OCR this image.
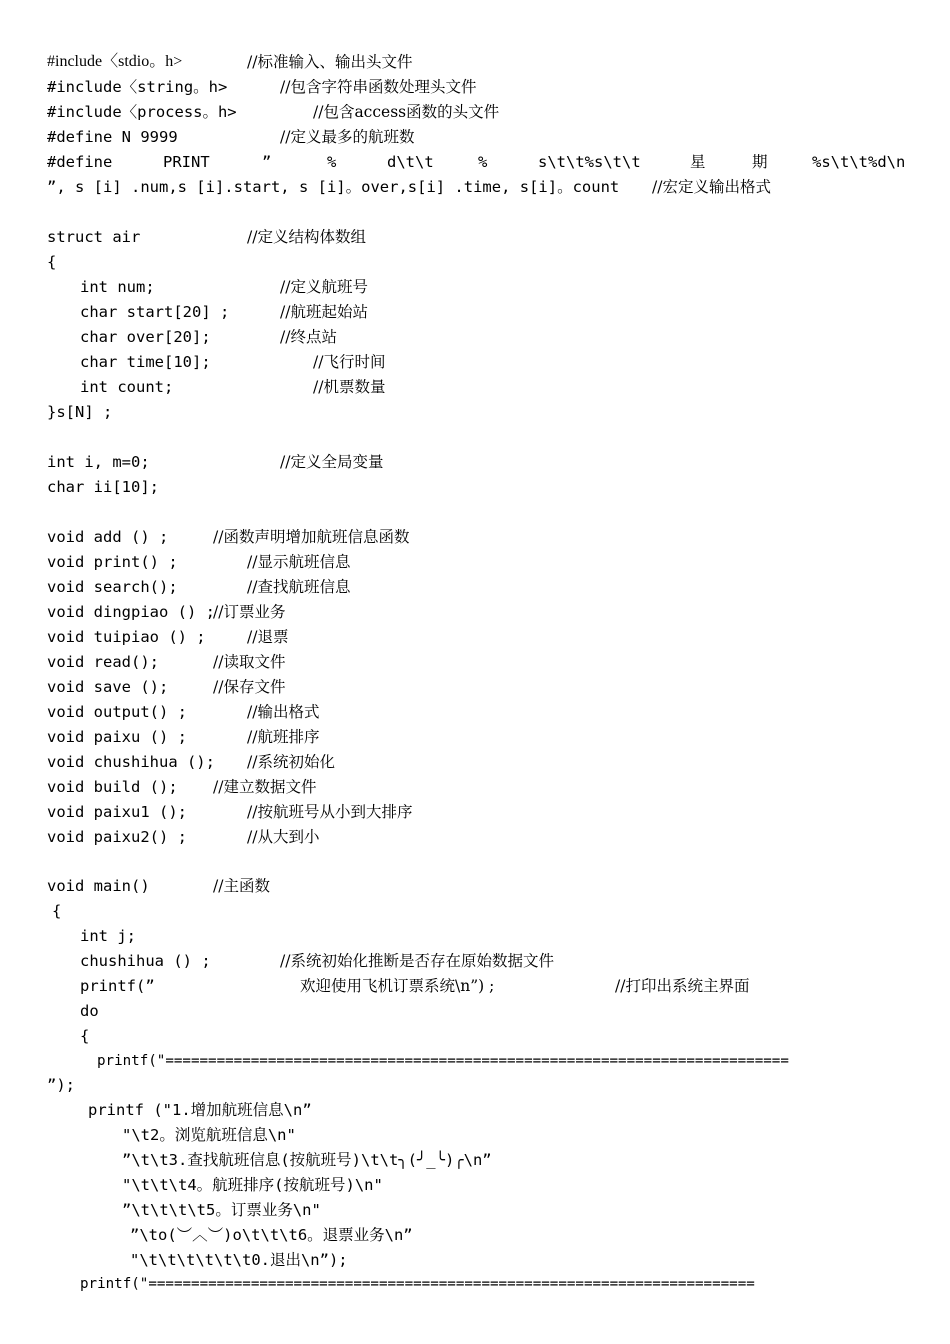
#include〈stdio。h>	//标准输入、输出头文件
#include〈string。h>	//包含字符串函数处理头文件
#include〈process。h>	//包含access函数的头文件
#define N 9999	//定义最多的航班数
#define	PRINT	”	%	d\t\t	%	s\t\t%s\t\t	星	期	%s\t\t%d\n
”, s [i] .num,s [i].start, s [i]。over,s[i] .time, s[i]。count //宏定义输出格式
struct air	//定义结构体数组
{
int num;	//定义航班号
char start[20] ;	//航班起始站
char over[20];	//终点站
char time[10];	//飞行时间
int count;	//机票数量
}s[N] ;
int i, m=0;	//定义全局变量
char ii[10];
void add () ;	//函数声明增加航班信息函数
void print() ;	//显示航班信息
void search();	//查找航班信息
void dingpiao () ;
//订票业务
void tuipiao () ;	//退票
void read();	//读取文件
void save ();	//保存文件
void output() ;	//输出格式
void paixu () ;	//航班排序
void chushihua (); //系统初始化
void build (); //建立数据文件
void paixu1 ();	//按航班号从小到大排序
void paixu2() ;	//从大到小
void main()	//主函数
{
int j;
chushihua () ;	//系统初始化推断是否存在原始数据文件
printf(”	欢迎使用飞机订票系统\n”) ;	//打印出系统主界面
do
{
printf("=========================================================================
”);
printf ("1.增加航班信息\n”
"\t2。浏览航班信息\n"
”\t\t3.查找航班信息(按航班号)\t\t╮(╯_╰)╭\n”
"\t\t\t4。航班排序(按航班号)\n"
”\t\t\t\t5。订票业务\n"
”\to(︶︿︶)o\t\t\t6。退票业务\n”
"\t\t\t\t\t\t0.退出\n”);
printf("=======================================================================
